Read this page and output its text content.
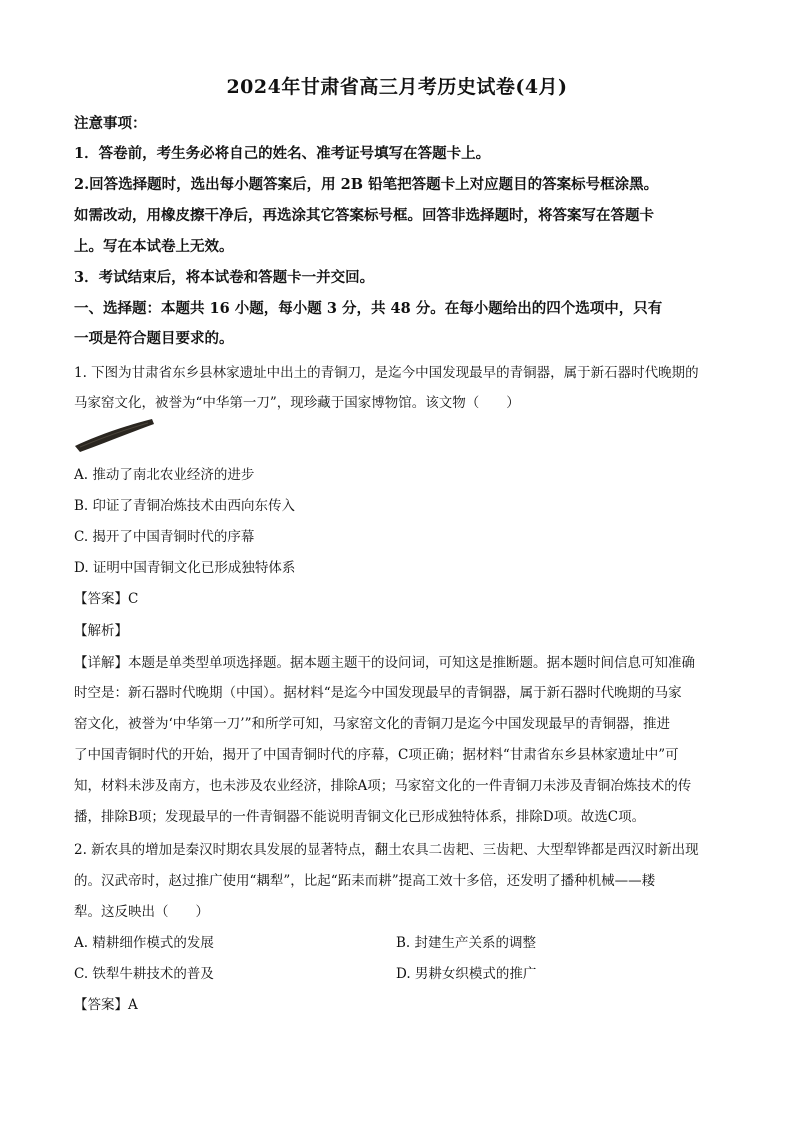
2024年甘肃省高三月考历史试卷(4月)
注意事项：
1．答卷前，考生务必将自己的姓名、准考证号填写在答题卡上。
2.回答选择题时，选出每小题答案后，用 2B 铅笔把答题卡上对应题目的答案标号框涂黑。
如需改动，用橡皮擦干净后，再选涂其它答案标号框。回答非选择题时，将答案写在答题卡
上。写在本试卷上无效。
3．考试结束后，将本试卷和答题卡一并交回。
一、选择题：本题共 16 小题，每小题 3 分，共 48 分。在每小题给出的四个选项中，只有
一项是符合题目要求的。
1. 下图为甘肃省东乡县林家遗址中出土的青铜刀，是迄今中国发现最早的青铜器，属于新石器时代晚期的
马家窑文化，被誉为“中华第一刀”，现珍藏于国家博物馆。该文物（　　）
A. 推动了南北农业经济的进步
B. 印证了青铜冶炼技术由西向东传入
C. 揭开了中国青铜时代的序幕
D. 证明中国青铜文化已形成独特体系
【答案】C
【解析】
【详解】本题是单类型单项选择题。据本题主题干的设问词，可知这是推断题。据本题时间信息可知准确
时空是：新石器时代晚期（中国）。据材料“是迄今中国发现最早的青铜器，属于新石器时代晚期的马家
窑文化，被誉为‘中华第一刀’”和所学可知，马家窑文化的青铜刀是迄今中国发现最早的青铜器，推进
了中国青铜时代的开始，揭开了中国青铜时代的序幕，C项正确；据材料“甘肃省东乡县林家遗址中”可
知，材料未涉及南方，也未涉及农业经济，排除A项；马家窑文化的一件青铜刀未涉及青铜冶炼技术的传
播，排除B项；发现最早的一件青铜器不能说明青铜文化已形成独特体系，排除D项。故选C项。
2. 新农具的增加是秦汉时期农具发展的显著特点，翻土农具二齿耙、三齿耙、大型犁铧都是西汉时新出现
的。汉武帝时，赵过推广使用“耦犁”，比起“跖耒而耕”提高工效十多倍，还发明了播种机械——耧
犁。这反映出（　　）
A. 精耕细作模式的发展	B. 封建生产关系的调整
C. 铁犁牛耕技术的普及	D. 男耕女织模式的推广
【答案】A
